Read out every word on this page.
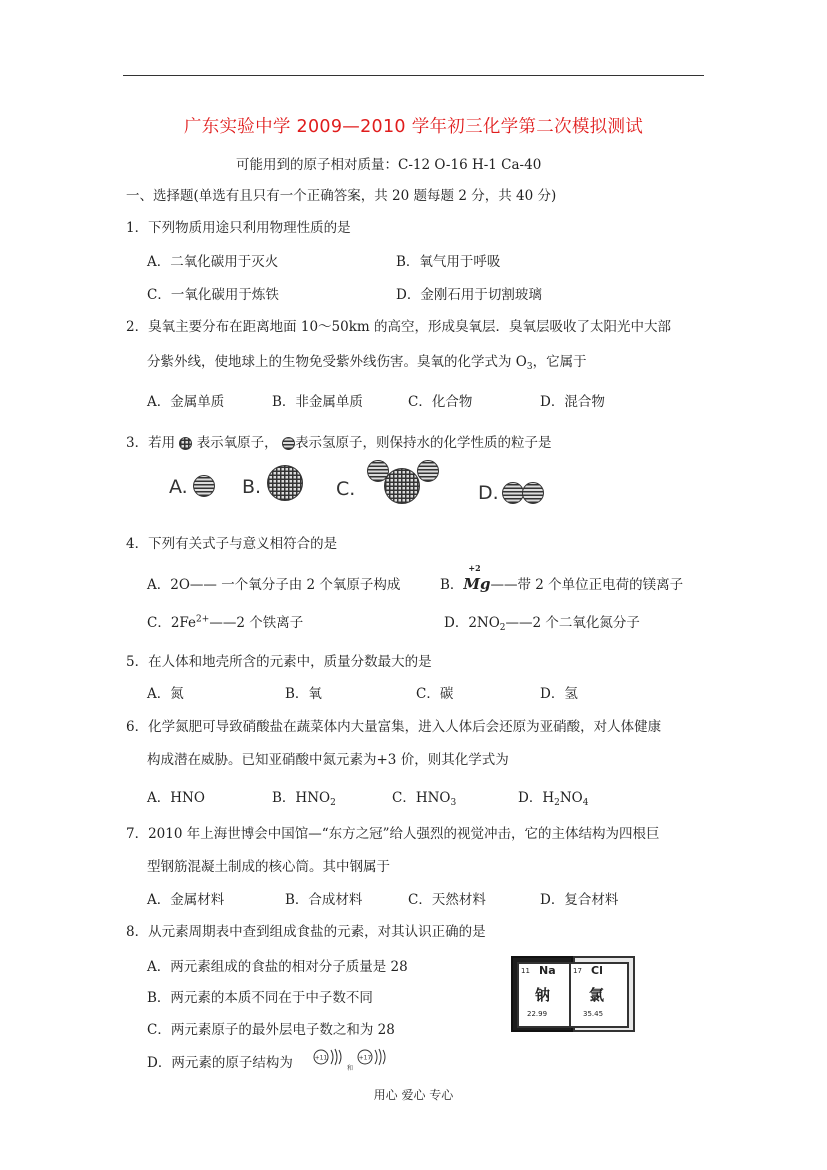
广东实验中学 2009—2010 学年初三化学第二次模拟测试
可能用到的原子相对质量：C-12 O-16 H-1 Ca-40
一、选择题(单选有且只有一个正确答案，共 20 题每题 2 分，共 40 分)
1．下列物质用途只利用物理性质的是
A．二氧化碳用于灭火	B．氧气用于呼吸
C．一氧化碳用于炼铁	D．金刚石用于切割玻璃
2．臭氧主要分布在距离地面 10～50km 的高空，形成臭氧层．臭氧层吸收了太阳光中大部
分紫外线，使地球上的生物免受紫外线伤害。臭氧的化学式为 $O_3$，它属于
A．金属单质	B．非金属单质	C．化合物	D．混合物
3．若用 表示氧原子， 表示氢原子，则保持水的化学性质的粒子是
A.	B.	C.	D.
4．下列有关式子与意义相符合的是
A．2O—— 一个氧分子由 2 个氧原子构成	B．
+2
Mg——带 2 个单位正电荷的镁离子
C．$2Fe^{2+}——2$ 个铁离子	D．$2NO_2——2$ 个二氧化氮分子
5．在人体和地壳所含的元素中，质量分数最大的是
A．氮	B．氧	C．碳	D．氢
6．化学氮肥可导致硝酸盐在蔬菜体内大量富集，进入人体后会还原为亚硝酸，对人体健康
构成潜在威胁。已知亚硝酸中氮元素为+3 价，则其化学式为
A．HNO	B．$HNO_2$	C．$HNO_3$	D．$H_2NO_4$
7．2010 年上海世博会中国馆—“东方之冠”给人强烈的视觉冲击，它的主体结构为四根巨
型钢筋混凝土制成的核心筒。其中钢属于
A．金属材料	B．合成材料	C．天然材料	D．复合材料
8．从元素周期表中查到组成食盐的元素，对其认识正确的是
A．两元素组成的食盐的相对分子质量是 28
B．两元素的本质不同在于中子数不同
C．两元素原子的最外层电子数之和为 28
D．两元素的原子结构为	+11
和
+17
11 Na
钠
22.99
17 Cl
氯
35.45
用心 爱心 专心
